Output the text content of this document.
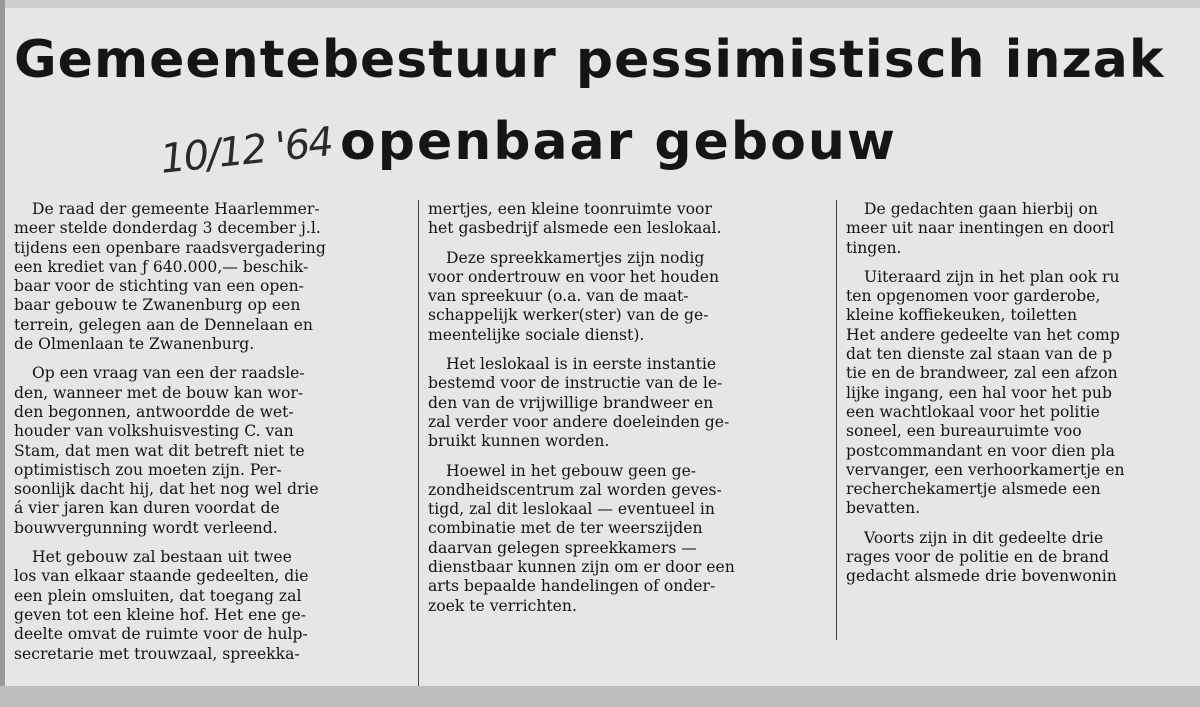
Gemeentebestuur pessimistisch inzak
openbaar gebouw
10/12 '64

De raad der gemeente Haarlemmer-
meer stelde donderdag 3 december j.l.
tijdens een openbare raadsvergadering
een krediet van ƒ 640.000,— beschik-
baar voor de stichting van een open-
baar gebouw te Zwanenburg op een
terrein, gelegen aan de Dennelaan en
de Olmenlaan te Zwanenburg.

Op een vraag van een der raadsle-
den, wanneer met de bouw kan wor-
den begonnen, antwoordde de wet-
houder van volkshuisvesting C. van
Stam, dat men wat dit betreft niet te
optimistisch zou moeten zijn. Per-
soonlijk dacht hij, dat het nog wel drie
á vier jaren kan duren voordat de
bouwvergunning wordt verleend.

Het gebouw zal bestaan uit twee
los van elkaar staande gedeelten, die
een plein omsluiten, dat toegang zal
geven tot een kleine hof. Het ene ge-
deelte omvat de ruimte voor de hulp-
secretarie met trouwzaal, spreekka-

mertjes, een kleine toonruimte voor
het gasbedrijf alsmede een leslokaal.

Deze spreekkamertjes zijn nodig
voor ondertrouw en voor het houden
van spreekuur (o.a. van de maat-
schappelijk werker(ster) van de ge-
meentelijke sociale dienst).

Het leslokaal is in eerste instantie
bestemd voor de instructie van de le-
den van de vrijwillige brandweer en
zal verder voor andere doeleinden ge-
bruikt kunnen worden.

Hoewel in het gebouw geen ge-
zondheidscentrum zal worden geves-
tigd, zal dit leslokaal — eventueel in
combinatie met de ter weerszijden
daarvan gelegen spreekkamers —
dienstbaar kunnen zijn om er door een
arts bepaalde handelingen of onder-
zoek te verrichten.

De gedachten gaan hierbij on
meer uit naar inentingen en doorl
tingen.

Uiteraard zijn in het plan ook ru
ten opgenomen voor garderobe,
kleine koffiekeuken, toiletten
Het andere gedeelte van het comp
dat ten dienste zal staan van de p
tie en de brandweer, zal een afzon
lijke ingang, een hal voor het pub
een wachtlokaal voor het politie
soneel, een bureauruimte voo
postcommandant en voor dien pla
vervanger, een verhoorkamertje en
recherchekamertje alsmede een
bevatten.

Voorts zijn in dit gedeelte drie
rages voor de politie en de brand
gedacht alsmede drie bovenwonin
